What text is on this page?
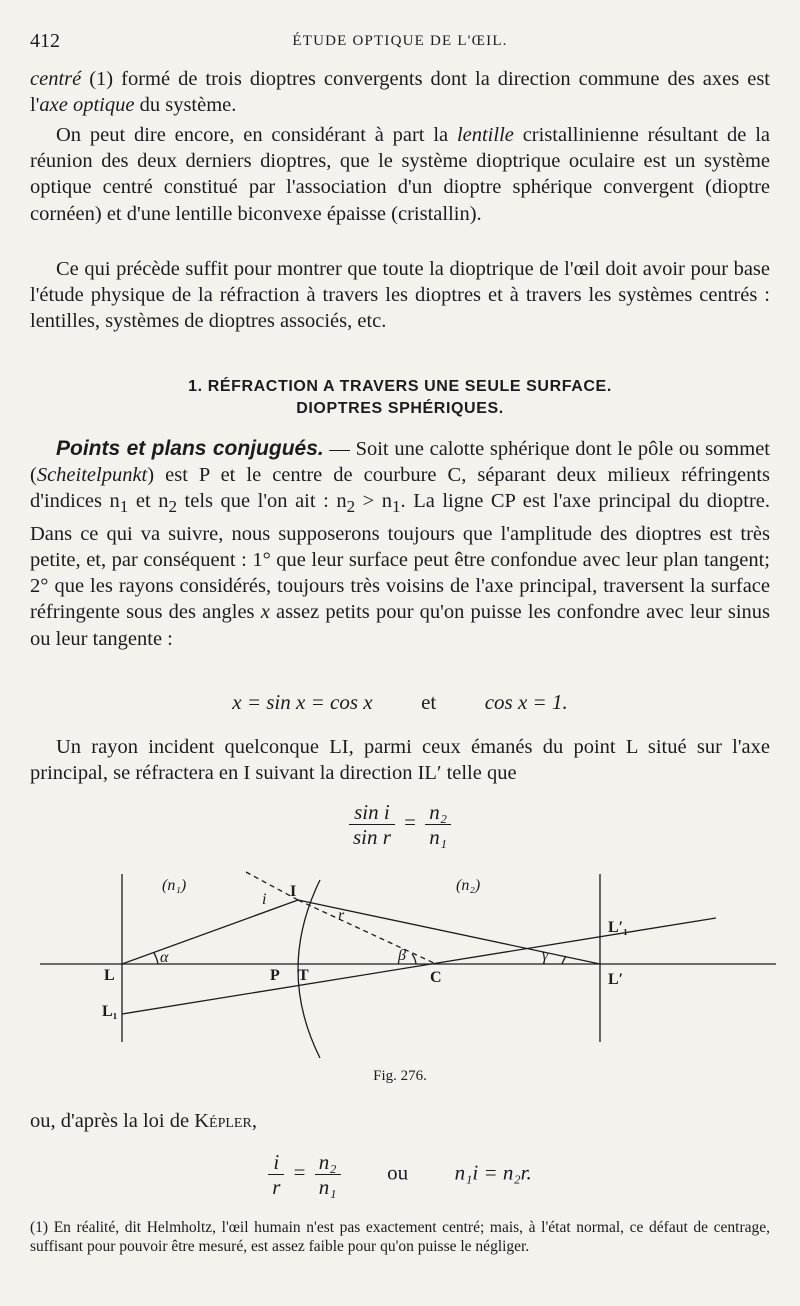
412	ÉTUDE OPTIQUE DE L'ŒIL.

centré (1) formé de trois dioptres convergents dont la direction commune des axes est l'axe optique du système.

On peut dire encore, en considérant à part la lentille cristallinienne résultant de la réunion des deux derniers dioptres, que le système dioptrique oculaire est un système optique centré constitué par l'association d'un dioptre sphérique convergent (dioptre cornéen) et d'une lentille biconvexe épaisse (cristallin).

Ce qui précède suffit pour montrer que toute la dioptrique de l'œil doit avoir pour base l'étude physique de la réfraction à travers les dioptres et à travers les systèmes centrés : lentilles, systèmes de dioptres associés, etc.

1. RÉFRACTION A TRAVERS UNE SEULE SURFACE.
DIOPTRES SPHÉRIQUES.

Points et plans conjugués. — Soit une calotte sphérique dont le pôle ou sommet (Scheitelpunkt) est P et le centre de courbure C, séparant deux milieux réfringents d'indices $n_1$ et $n_2$ tels que l'on ait : $n_2 > n_1$. La ligne CP est l'axe principal du dioptre. Dans ce qui va suivre, nous supposerons toujours que l'amplitude des dioptres est très petite, et, par conséquent : 1° que leur surface peut être confondue avec leur plan tangent; 2° que les rayons considérés, toujours très voisins de l'axe principal, traversent la surface réfringente sous des angles x assez petits pour qu'on puisse les confondre avec leur sinus ou leur tangente :

x = sin x = cos x et cos x = 1.

Un rayon incident quelconque LI, parmi ceux émanés du point L situé sur l'axe principal, se réfractera en I suivant la direction IL′ telle que

$\frac{\text{sin i}}{\text{sin r}} = \frac{\text{n₂}}{\text{n₁}}$
(n₁)	(n₂)
I
i
r
α	β	γ
L
L₁
P T	C	L′
L′₁
Fig. 276.

ou, d'après la loi de Képler,

$\frac{i}{r} = \frac{\text{n₂}}{\text{n₁}}$ ou n₁i = n₂r.
(1) En réalité, dit Helmholtz, l'œil humain n'est pas exactement centré; mais, à l'état normal, ce défaut de centrage, suffisant pour pouvoir être mesuré, est assez faible pour qu'on puisse le négliger.
